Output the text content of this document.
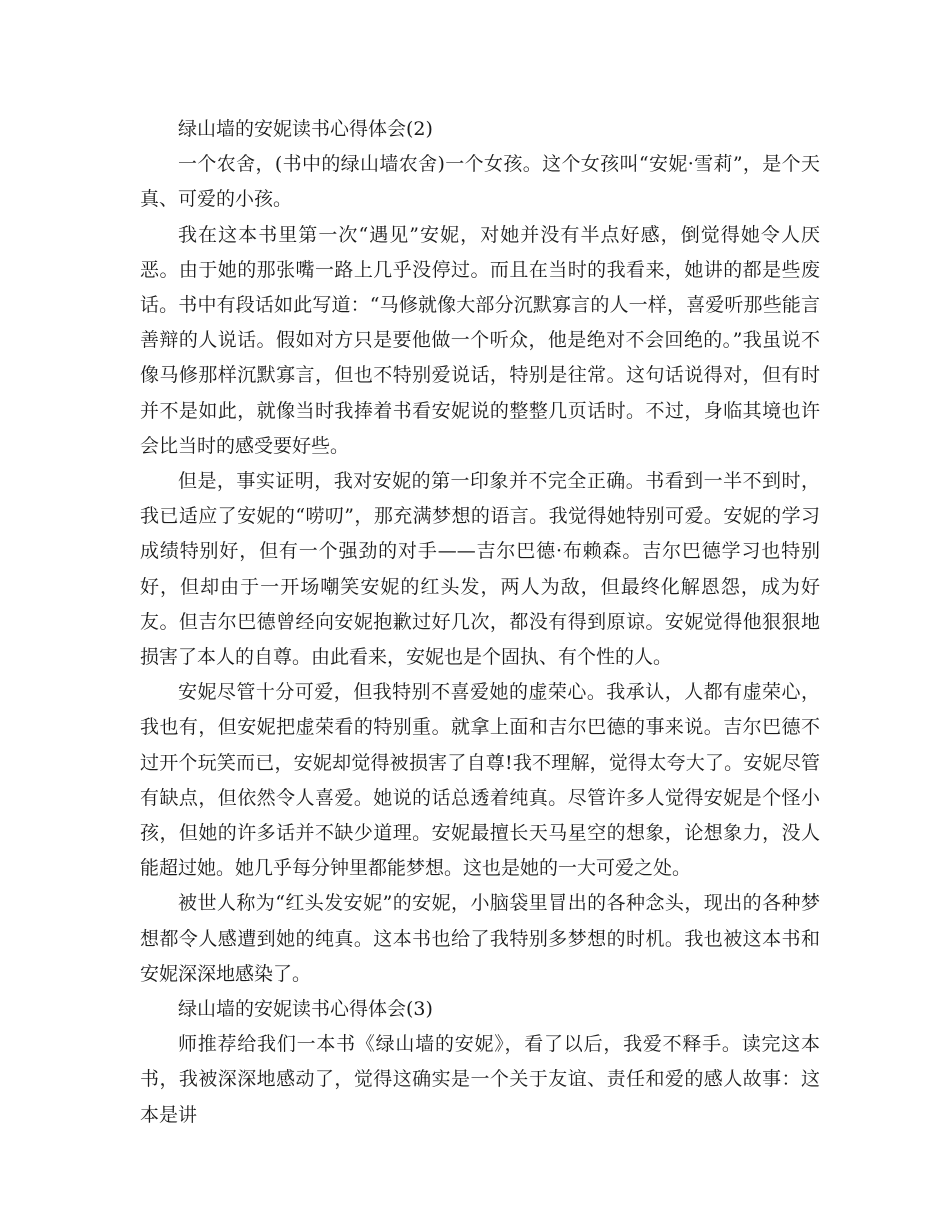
绿山墙的安妮读书心得体会(2)

一个农舍，(书中的绿山墙农舍)一个女孩。这个女孩叫“安妮·雪莉”，是个天真、可爱的小孩。

我在这本书里第一次“遇见”安妮，对她并没有半点好感，倒觉得她令人厌恶。由于她的那张嘴一路上几乎没停过。而且在当时的我看来，她讲的都是些废话。书中有段话如此写道：“马修就像大部分沉默寡言的人一样，喜爱听那些能言善辩的人说话。假如对方只是要他做一个听众，他是绝对不会回绝的。”我虽说不像马修那样沉默寡言，但也不特别爱说话，特别是往常。这句话说得对，但有时并不是如此，就像当时我捧着书看安妮说的整整几页话时。不过，身临其境也许会比当时的感受要好些。

但是，事实证明，我对安妮的第一印象并不完全正确。书看到一半不到时，我已适应了安妮的“唠叨”，那充满梦想的语言。我觉得她特别可爱。安妮的学习成绩特别好，但有一个强劲的对手——吉尔巴德·布赖森。吉尔巴德学习也特别好，但却由于一开场嘲笑安妮的红头发，两人为敌，但最终化解恩怨，成为好友。但吉尔巴德曾经向安妮抱歉过好几次，都没有得到原谅。安妮觉得他狠狠地损害了本人的自尊。由此看来，安妮也是个固执、有个性的人。

安妮尽管十分可爱，但我特别不喜爱她的虚荣心。我承认，人都有虚荣心，我也有，但安妮把虚荣看的特别重。就拿上面和吉尔巴德的事来说。吉尔巴德不过开个玩笑而已，安妮却觉得被损害了自尊!我不理解，觉得太夸大了。安妮尽管有缺点，但依然令人喜爱。她说的话总透着纯真。尽管许多人觉得安妮是个怪小孩，但她的许多话并不缺少道理。安妮最擅长天马星空的想象，论想象力，没人能超过她。她几乎每分钟里都能梦想。这也是她的一大可爱之处。

被世人称为“红头发安妮”的安妮，小脑袋里冒出的各种念头，现出的各种梦想都令人感遭到她的纯真。这本书也给了我特别多梦想的时机。我也被这本书和安妮深深地感染了。

绿山墙的安妮读书心得体会(3)

师推荐给我们一本书《绿山墙的安妮》，看了以后，我爱不释手。读完这本书，我被深深地感动了，觉得这确实是一个关于友谊、责任和爱的感人故事：这本是讲
